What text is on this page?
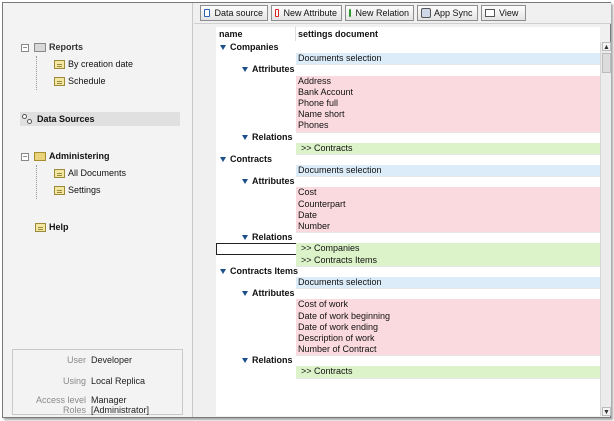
− Reports
By creation date
Schedule
Data Sources
− Administering
All Documents
Settings
Help
User Developer
Using Local Replica
Access level Manager
Roles [Administrator]
Data source New Attribute New Relation	App Sync	View
name	settings document
Companies
Documents selection
Attributes
Address
Bank Account
Phone full
Name short
Phones
Relations
>> Contracts
Contracts
Documents selection
Attributes
Cost
Counterpart
Date
Number
Relations
>> Companies
>> Contracts Items
Contracts Items
Documents selection
Attributes
Cost of work
Date of work beginning
Date of work ending
Description of work
Number of Contract
Relations
>> Contracts
▲
▼
